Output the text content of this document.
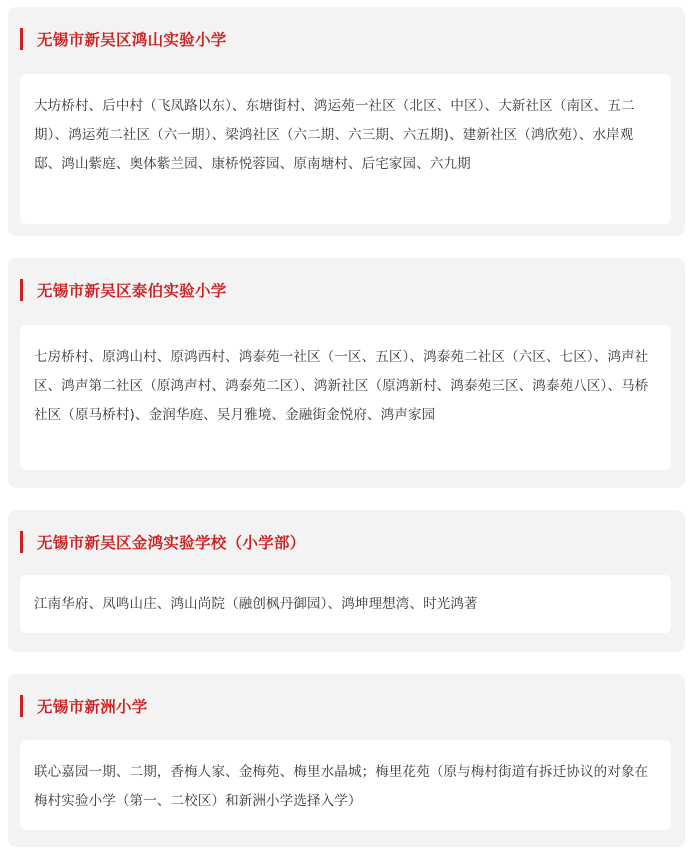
无锡市新吴区鸿山实验小学
大坊桥村、后中村（飞凤路以东）、东塘街村、鸿运苑一社区（北区、中区）、大新社区（南区、五二期）、鸿运苑二社区（六一期）、梁鸿社区（六二期、六三期、六五期)、建新社区（鸿欣苑）、水岸观邸、鸿山紫庭、奥体紫兰园、康桥悦蓉园、原南塘村、后宅家园、六九期
无锡市新吴区泰伯实验小学
七房桥村、原鸿山村、原鸿西村、鸿泰苑一社区（一区、五区）、鸿泰苑二社区（六区、七区）、鸿声社区、鸿声第二社区（原鸿声村、鸿泰苑二区）、鸿新社区（原鸿新村、鸿泰苑三区、鸿泰苑八区）、马桥社区（原马桥村)、金润华庭、吴月雅境、金融街金悦府、鸿声家园
无锡市新吴区金鸿实验学校（小学部）
江南华府、凤鸣山庄、鸿山尚院（融创枫丹御园）、鸿坤理想湾、时光鸿著
无锡市新洲小学
联心嘉园一期、二期，香梅人家、金梅苑、梅里水晶城；梅里花苑（原与梅村街道有拆迁协议的对象在梅村实验小学（第一、二校区）和新洲小学选择入学）
